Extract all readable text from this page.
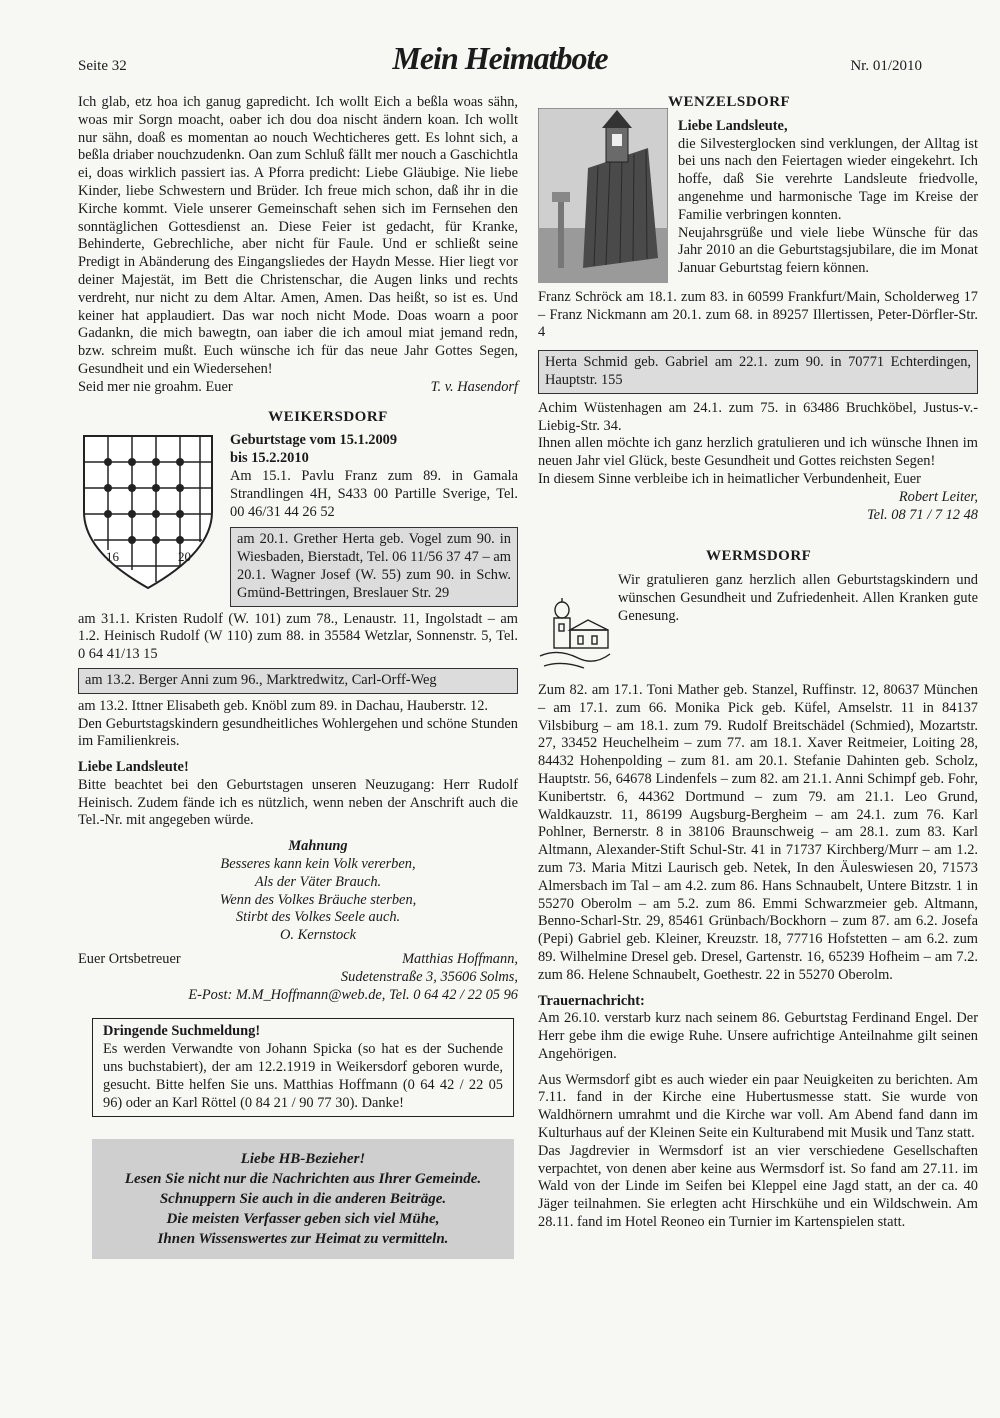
Seite 32	Mein Heimatbote	Nr. 01/2010

Ich glab, etz hoa ich ganug gapredicht. Ich wollt Eich a beßla woas sähn, woas mir Sorgn moacht, oaber ich dou doa nischt ändern koan. Ich wollt nur sähn, doaß es momentan ao nouch Wechticheres gett. Es lohnt sich, a beßla driaber nouchzudenkn. Oan zum Schluß fällt mer nouch a Gaschichtla ei, doas wirklich passiert ias. A Pforra predicht: Liebe Gläubige. Nie liebe Kinder, liebe Schwestern und Brüder. Ich freue mich schon, daß ihr in die Kirche kommt. Viele unserer Gemeinschaft sehen sich im Fernsehen den sonntäglichen Gottesdienst an. Diese Feier ist gedacht, für Kranke, Behinderte, Gebrechliche, aber nicht für Faule. Und er schließt seine Predigt in Abänderung des Eingangsliedes der Haydn Messe. Hier liegt vor deiner Majestät, im Bett die Christenschar, die Augen links und rechts verdreht, nur nicht zu dem Altar. Amen, Amen. Das heißt, so ist es. Und keiner hat applaudiert. Das war noch nicht Mode. Doas woarn a poor Gadankn, die mich bawegtn, oan iaber die ich amoul miat jemand redn, bzw. schreim mußt. Euch wünsche ich für das neue Jahr Gottes Segen, Gesundheit und ein Wiedersehen!

Seid mer nie groahm. Euer	T. v. Hasendorf
WEIKERSDORF
16	20

Geburtstage vom 15.1.2009

bis 15.2.2010

Am 15.1. Pavlu Franz zum 89. in Gamala Strandlingen 4H, S433 00 Partille Sverige, Tel. 00 46/31 44 26 52

am 20.1. Grether Herta geb. Vogel zum 90. in Wiesbaden, Bierstadt, Tel. 06 11/56 37 47 – am 20.1. Wagner Josef (W. 55) zum 90. in Schw. Gmünd-Bettringen, Breslauer Str. 29

am 31.1. Kristen Rudolf (W. 101) zum 78., Lenaustr. 11, Ingolstadt – am 1.2. Heinisch Rudolf (W 110) zum 88. in 35584 Wetzlar, Sonnenstr. 5, Tel. 0 64 41/13 15

am 13.2. Berger Anni zum 96., Marktredwitz, Carl-Orff-Weg

am 13.2. Ittner Elisabeth geb. Knöbl zum 89. in Dachau, Hauberstr. 12.

Den Geburtstagskindern gesundheitliches Wohlergehen und schöne Stunden im Familienkreis.

Liebe Landsleute!

Bitte beachtet bei den Geburtstagen unseren Neuzugang: Herr Rudolf Heinisch. Zudem fände ich es nützlich, wenn neben der Anschrift auch die Tel.-Nr. mit angegeben würde.

Mahnung

Besseres kann kein Volk vererben,

Als der Väter Brauch.

Wenn des Volkes Bräuche sterben,

Stirbt des Volkes Seele auch.

O. Kernstock

Euer Ortsbetreuer	Matthias Hoffmann,

Sudetenstraße 3, 35606 Solms,

E-Post: M.M_Hoffmann@web.de, Tel. 0 64 42 / 22 05 96

Dringende Suchmeldung!

Es werden Verwandte von Johann Spicka (so hat es der Suchende uns buchstabiert), der am 12.2.1919 in Weikersdorf geboren wurde, gesucht. Bitte helfen Sie uns. Matthias Hoffmann (0 64 42 / 22 05 96) oder an Karl Röttel (0 84 21 / 90 77 30). Danke!

Liebe HB-Bezieher!
Lesen Sie nicht nur die Nachrichten aus Ihrer Gemeinde.
Schnuppern Sie auch in die anderen Beiträge.
Die meisten Verfasser geben sich viel Mühe,
Ihnen Wissenswertes zur Heimat zu vermitteln.

WENZELSDORF

Liebe Landsleute,

die Silvesterglocken sind verklungen, der Alltag ist bei uns nach den Feiertagen wieder eingekehrt. Ich hoffe, daß Sie verehrte Landsleute friedvolle, angenehme und harmonische Tage im Kreise der Familie verbringen konnten.

Neujahrsgrüße und viele liebe Wünsche für das Jahr 2010 an die Geburtstagsjubilare, die im Monat Januar Geburtstag feiern können.

Franz Schröck am 18.1. zum 83. in 60599 Frankfurt/Main, Scholderweg 17 – Franz Nickmann am 20.1. zum 68. in 89257 Illertissen, Peter-Dörfler-Str. 4

Herta Schmid geb. Gabriel am 22.1. zum 90. in 70771 Echterdingen, Hauptstr. 155

Achim Wüstenhagen am 24.1. zum 75. in 63486 Bruchköbel, Justus-v.-Liebig-Str. 34.

Ihnen allen möchte ich ganz herzlich gratulieren und ich wünsche Ihnen im neuen Jahr viel Glück, beste Gesundheit und Gottes reichsten Segen!

In diesem Sinne verbleibe ich in heimatlicher Verbundenheit, Euer

Robert Leiter,

Tel. 08 71 / 7 12 48

WERMSDORF

Wir gratulieren ganz herzlich allen Geburtstagskindern und wünschen Gesundheit und Zufriedenheit. Allen Kranken gute Genesung.

Zum 82. am 17.1. Toni Mather geb. Stanzel, Ruffinstr. 12, 80637 München – am 17.1. zum 66. Monika Pick geb. Küfel, Amselstr. 11 in 84137 Vilsbiburg – am 18.1. zum 79. Rudolf Breitschädel (Schmied), Mozartstr. 27, 33452 Heuchelheim – zum 77. am 18.1. Xaver Reitmeier, Loiting 28, 84432 Hohenpolding – zum 81. am 20.1. Stefanie Dahinten geb. Scholz, Hauptstr. 56, 64678 Lindenfels – zum 82. am 21.1. Anni Schimpf geb. Fohr, Kunibertstr. 6, 44362 Dortmund – zum 79. am 21.1. Leo Grund, Waldkauzstr. 11, 86199 Augsburg-Bergheim – am 24.1. zum 76. Karl Pohlner, Bernerstr. 8 in 38106 Braunschweig – am 28.1. zum 83. Karl Altmann, Alexander-Stift Schul-Str. 41 in 71737 Kirchberg/Murr – am 1.2. zum 73. Maria Mitzi Laurisch geb. Netek, In den Äuleswiesen 20, 71573 Almersbach im Tal – am 4.2. zum 86. Hans Schnaubelt, Untere Bitzstr. 1 in 55270 Oberolm – am 5.2. zum 86. Emmi Schwarzmeier geb. Altmann, Benno-Scharl-Str. 29, 85461 Grünbach/Bockhorn – zum 87. am 6.2. Josefa (Pepi) Gabriel geb. Kleiner, Kreuzstr. 18, 77716 Hofstetten – am 6.2. zum 89. Wilhelmine Dresel geb. Dresel, Gartenstr. 16, 65239 Hofheim – am 7.2. zum 86. Helene Schnaubelt, Goethestr. 22 in 55270 Oberolm.

Trauernachricht:

Am 26.10. verstarb kurz nach seinem 86. Geburtstag Ferdinand Engel. Der Herr gebe ihm die ewige Ruhe. Unsere aufrichtige Anteilnahme gilt seinen Angehörigen.

Aus Wermsdorf gibt es auch wieder ein paar Neuigkeiten zu berichten. Am 7.11. fand in der Kirche eine Hubertusmesse statt. Sie wurde von Waldhörnern umrahmt und die Kirche war voll. Am Abend fand dann im Kulturhaus auf der Kleinen Seite ein Kulturabend mit Musik und Tanz statt.

Das Jagdrevier in Wermsdorf ist an vier verschiedene Gesellschaften verpachtet, von denen aber keine aus Wermsdorf ist. So fand am 27.11. im Wald von der Linde im Seifen bei Kleppel eine Jagd statt, an der ca. 40 Jäger teilnahmen. Sie erlegten acht Hirschkühe und ein Wildschwein. Am 28.11. fand im Hotel Reoneo ein Turnier im Kartenspielen statt.
